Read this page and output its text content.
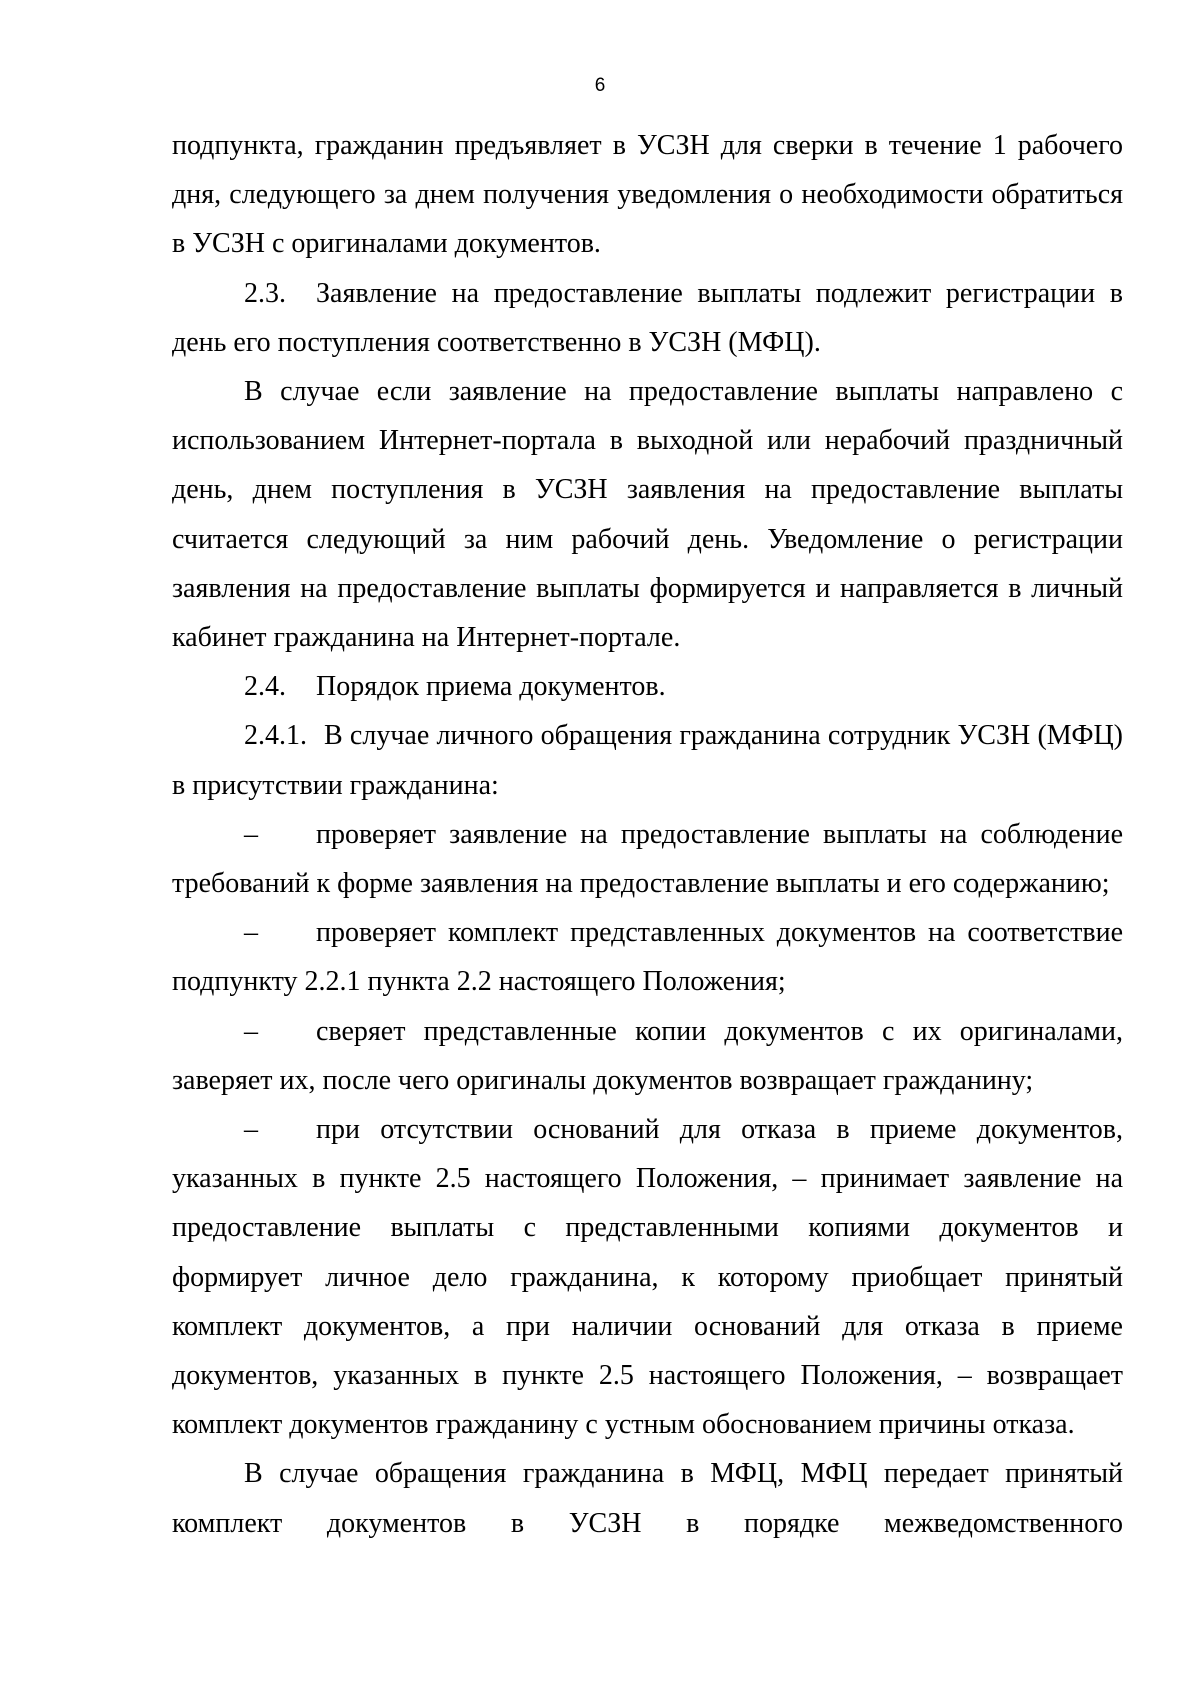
6

подпункта, гражданин предъявляет в УСЗН для сверки в течение 1 рабочего дня, следующего за днем получения уведомления о необходимости обратиться в УСЗН с оригиналами документов.

2.3. Заявление на предоставление выплаты подлежит регистрации в день его поступления соответственно в УСЗН (МФЦ).

В случае если заявление на предоставление выплаты направлено с использованием Интернет-портала в выходной или нерабочий праздничный день, днем поступления в УСЗН заявления на предоставление выплаты считается следующий за ним рабочий день. Уведомление о регистрации заявления на предоставление выплаты формируется и направляется в личный кабинет гражданина на Интернет-портале.

2.4. Порядок приема документов.

2.4.1. В случае личного обращения гражданина сотрудник УСЗН (МФЦ) в присутствии гражданина:

– проверяет заявление на предоставление выплаты на соблюдение требований к форме заявления на предоставление выплаты и его содержанию;

– проверяет комплект представленных документов на соответствие подпункту 2.2.1 пункта 2.2 настоящего Положения;

– сверяет представленные копии документов с их оригиналами, заверяет их, после чего оригиналы документов возвращает гражданину;

– при отсутствии оснований для отказа в приеме документов, указанных в пункте 2.5 настоящего Положения, – принимает заявление на предоставление выплаты с представленными копиями документов и формирует личное дело гражданина, к которому приобщает принятый комплект документов, а при наличии оснований для отказа в приеме документов, указанных в пункте 2.5 настоящего Положения, – возвращает комплект документов гражданину с устным обоснованием причины отказа.

В случае обращения гражданина в МФЦ, МФЦ передает принятый комплект документов в УСЗН в порядке межведомственного
